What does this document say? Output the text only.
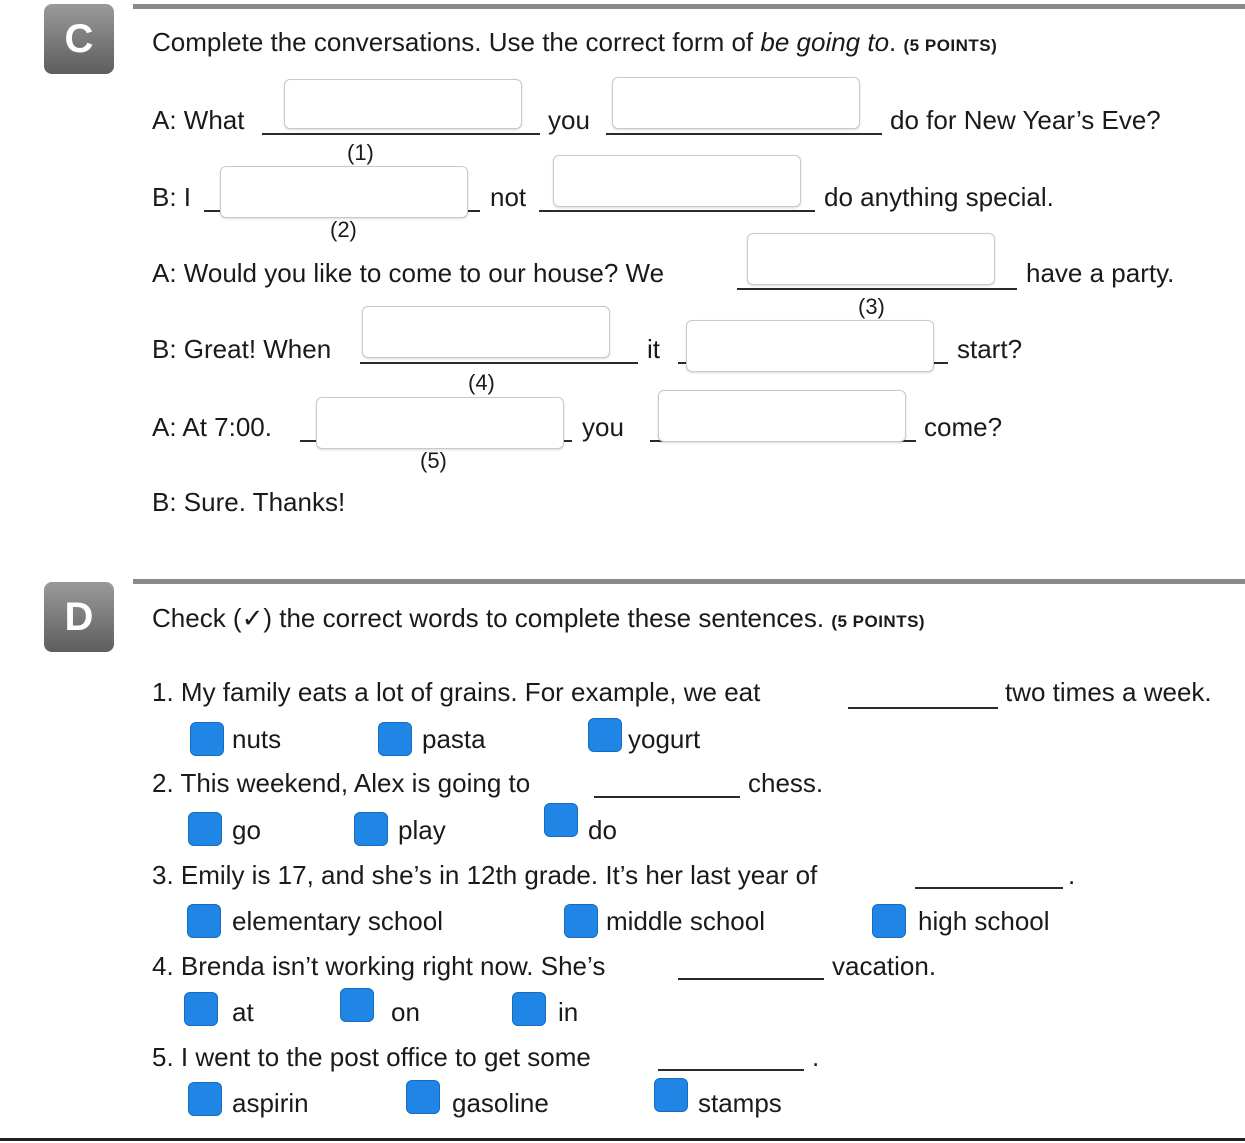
C	Complete the conversations. Use the correct form of be going to. (5 POINTS)
A: What	you	do for New Year’s Eve?
(1)
B: I	not	do anything special.
(2)
A: Would you like to come to our house? We	have a party.
(3)
B: Great! When	it	start?
(4)
A: At 7:00.	you	come?
(5)
B: Sure. Thanks!
D	Check (✓) the correct words to complete these sentences. (5 POINTS)
1. My family eats a lot of grains. For example, we eat	two times a week.
nuts	pasta	yogurt
2. This weekend, Alex is going to	chess.
go	play	do
3. Emily is 17, and she’s in 12th grade. It’s her last year of	.
elementary school	middle school	high school
4. Brenda isn’t working right now. She’s	vacation.
at	on	in
5. I went to the post office to get some	.
aspirin	gasoline	stamps
